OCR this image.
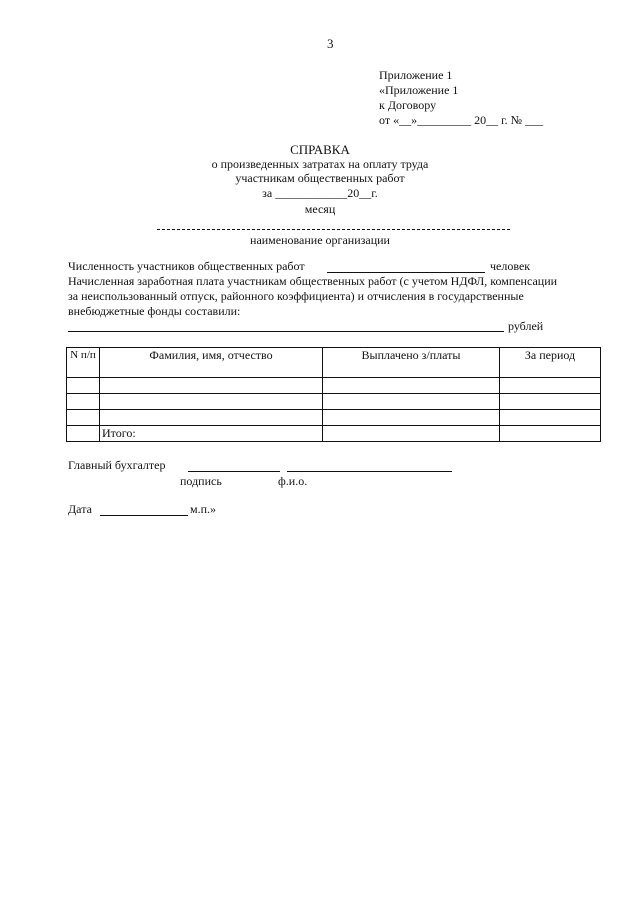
3
Приложение 1
«Приложение 1
к Договору
от «__»_________ 20__ г. № ___
СПРАВКА
о произведенных затратах на оплату труда
участникам общественных работ
за ____________20__г.
месяц
наименование организации
Численность участников общественных работ	человек
Начисленная заработная плата участникам общественных работ (с учетом НДФЛ, компенсации
за неиспользованный отпуск, районного коэффициента) и отчисления в государственные
внебюджетные фонды составили:
рублей
N п/п	Фамилия, имя, отчество	Выплачено з/платы	За период

	Итого:		
Главный бухгалтер
подпись	ф.и.о.
Дата	м.п.»
